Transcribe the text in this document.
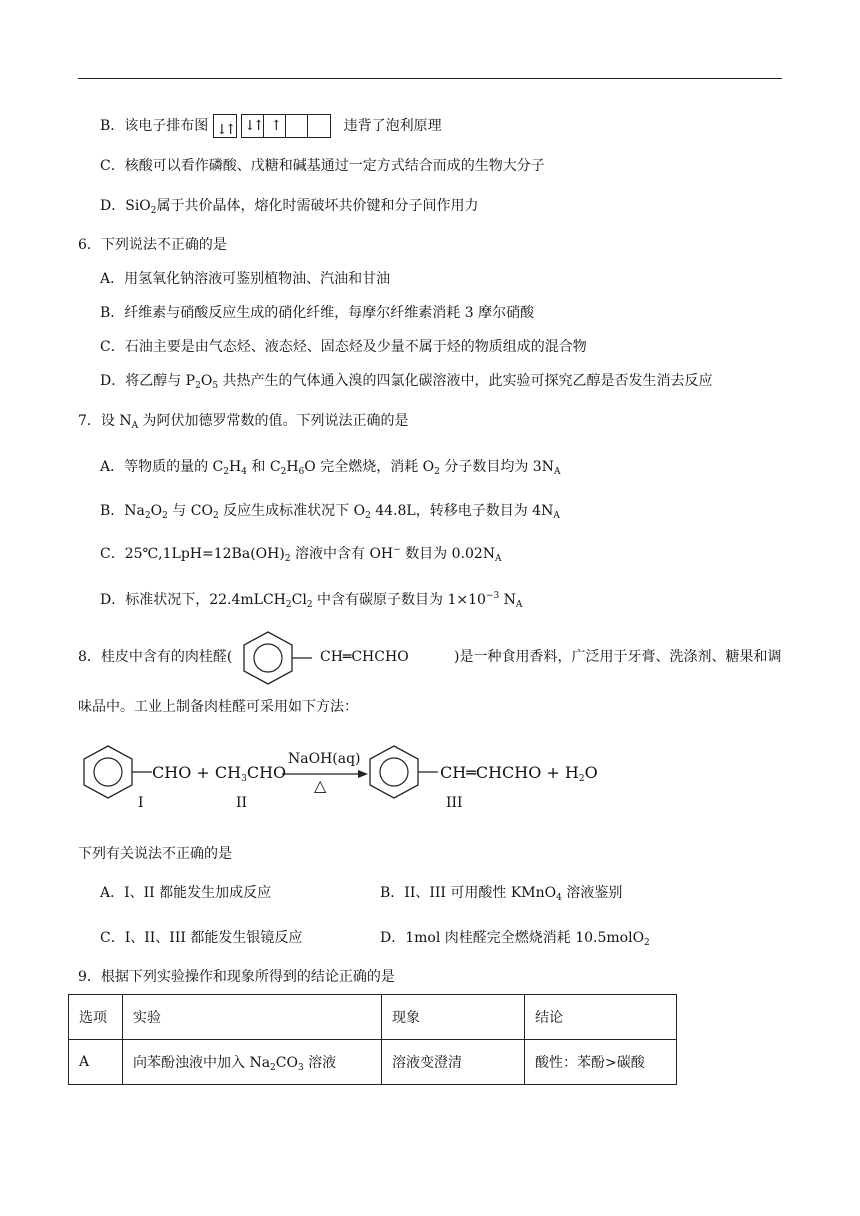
B．该电子排布图 ↓↑ ↓↑ ↑	违背了泡利原理
C．核酸可以看作磷酸、戊糖和碱基通过一定方式结合而成的生物大分子
D．SiO$_2$属于共价晶体，熔化时需破坏共价键和分子间作用力
6．下列说法不正确的是
A．用氢氧化钠溶液可鉴别植物油、汽油和甘油
B．纤维素与硝酸反应生成的硝化纤维，每摩尔纤维素消耗 3 摩尔硝酸
C．石油主要是由气态烃、液态烃、固态烃及少量不属于烃的物质组成的混合物
D．将乙醇与 $P_2O_5$ 共热产生的气体通入溴的四氯化碳溶液中，此实验可探究乙醇是否发生消去反应
7．设 $N_A$ 为阿伏加德罗常数的值。下列说法正确的是
A．等物质的量的 $C_2H_4$ 和 $C_2H_6O$ 完全燃烧，消耗 $O_2$ 分子数目均为 $3N_A$
B．$Na_2O_2$ 与 $CO_2$ 反应生成标准状况下 $O_2$ 44.8L，转移电子数目为 $4N_A$
C．$25℃,1LpH=12Ba(OH)_2$ 溶液中含有 OH− 数目为 $0.02N_A$
D．标准状况下，$22.4mLCH_2Cl_2$ 中含有碳原子数目为 $1\times 10^{-3}$ $N_A$
8．桂皮中含有的肉桂醛(	CH═CHCHO	)是一种食用香料，广泛用于牙膏、洗涤剂、糖果和调
味品中。工业上制备肉桂醛可采用如下方法：
CHO + $CH_3CHO$
NaOH(aq)
△
CH═CHCHO + $H_2O$
I	II	III
下列有关说法不正确的是
A．I、II 都能发生加成反应	B．II、III 可用酸性 KMnO$_4$ 溶液鉴别
C．I、II、III 都能发生银镜反应	D．1mol 肉桂醛完全燃烧消耗 10.5molO$_2$
9．根据下列实验操作和现象所得到的结论正确的是
选项	实验	现象	结论
A	向苯酚浊液中加入 $Na_2CO_3$ 溶液	溶液变澄清	酸性：苯酚>碳酸
